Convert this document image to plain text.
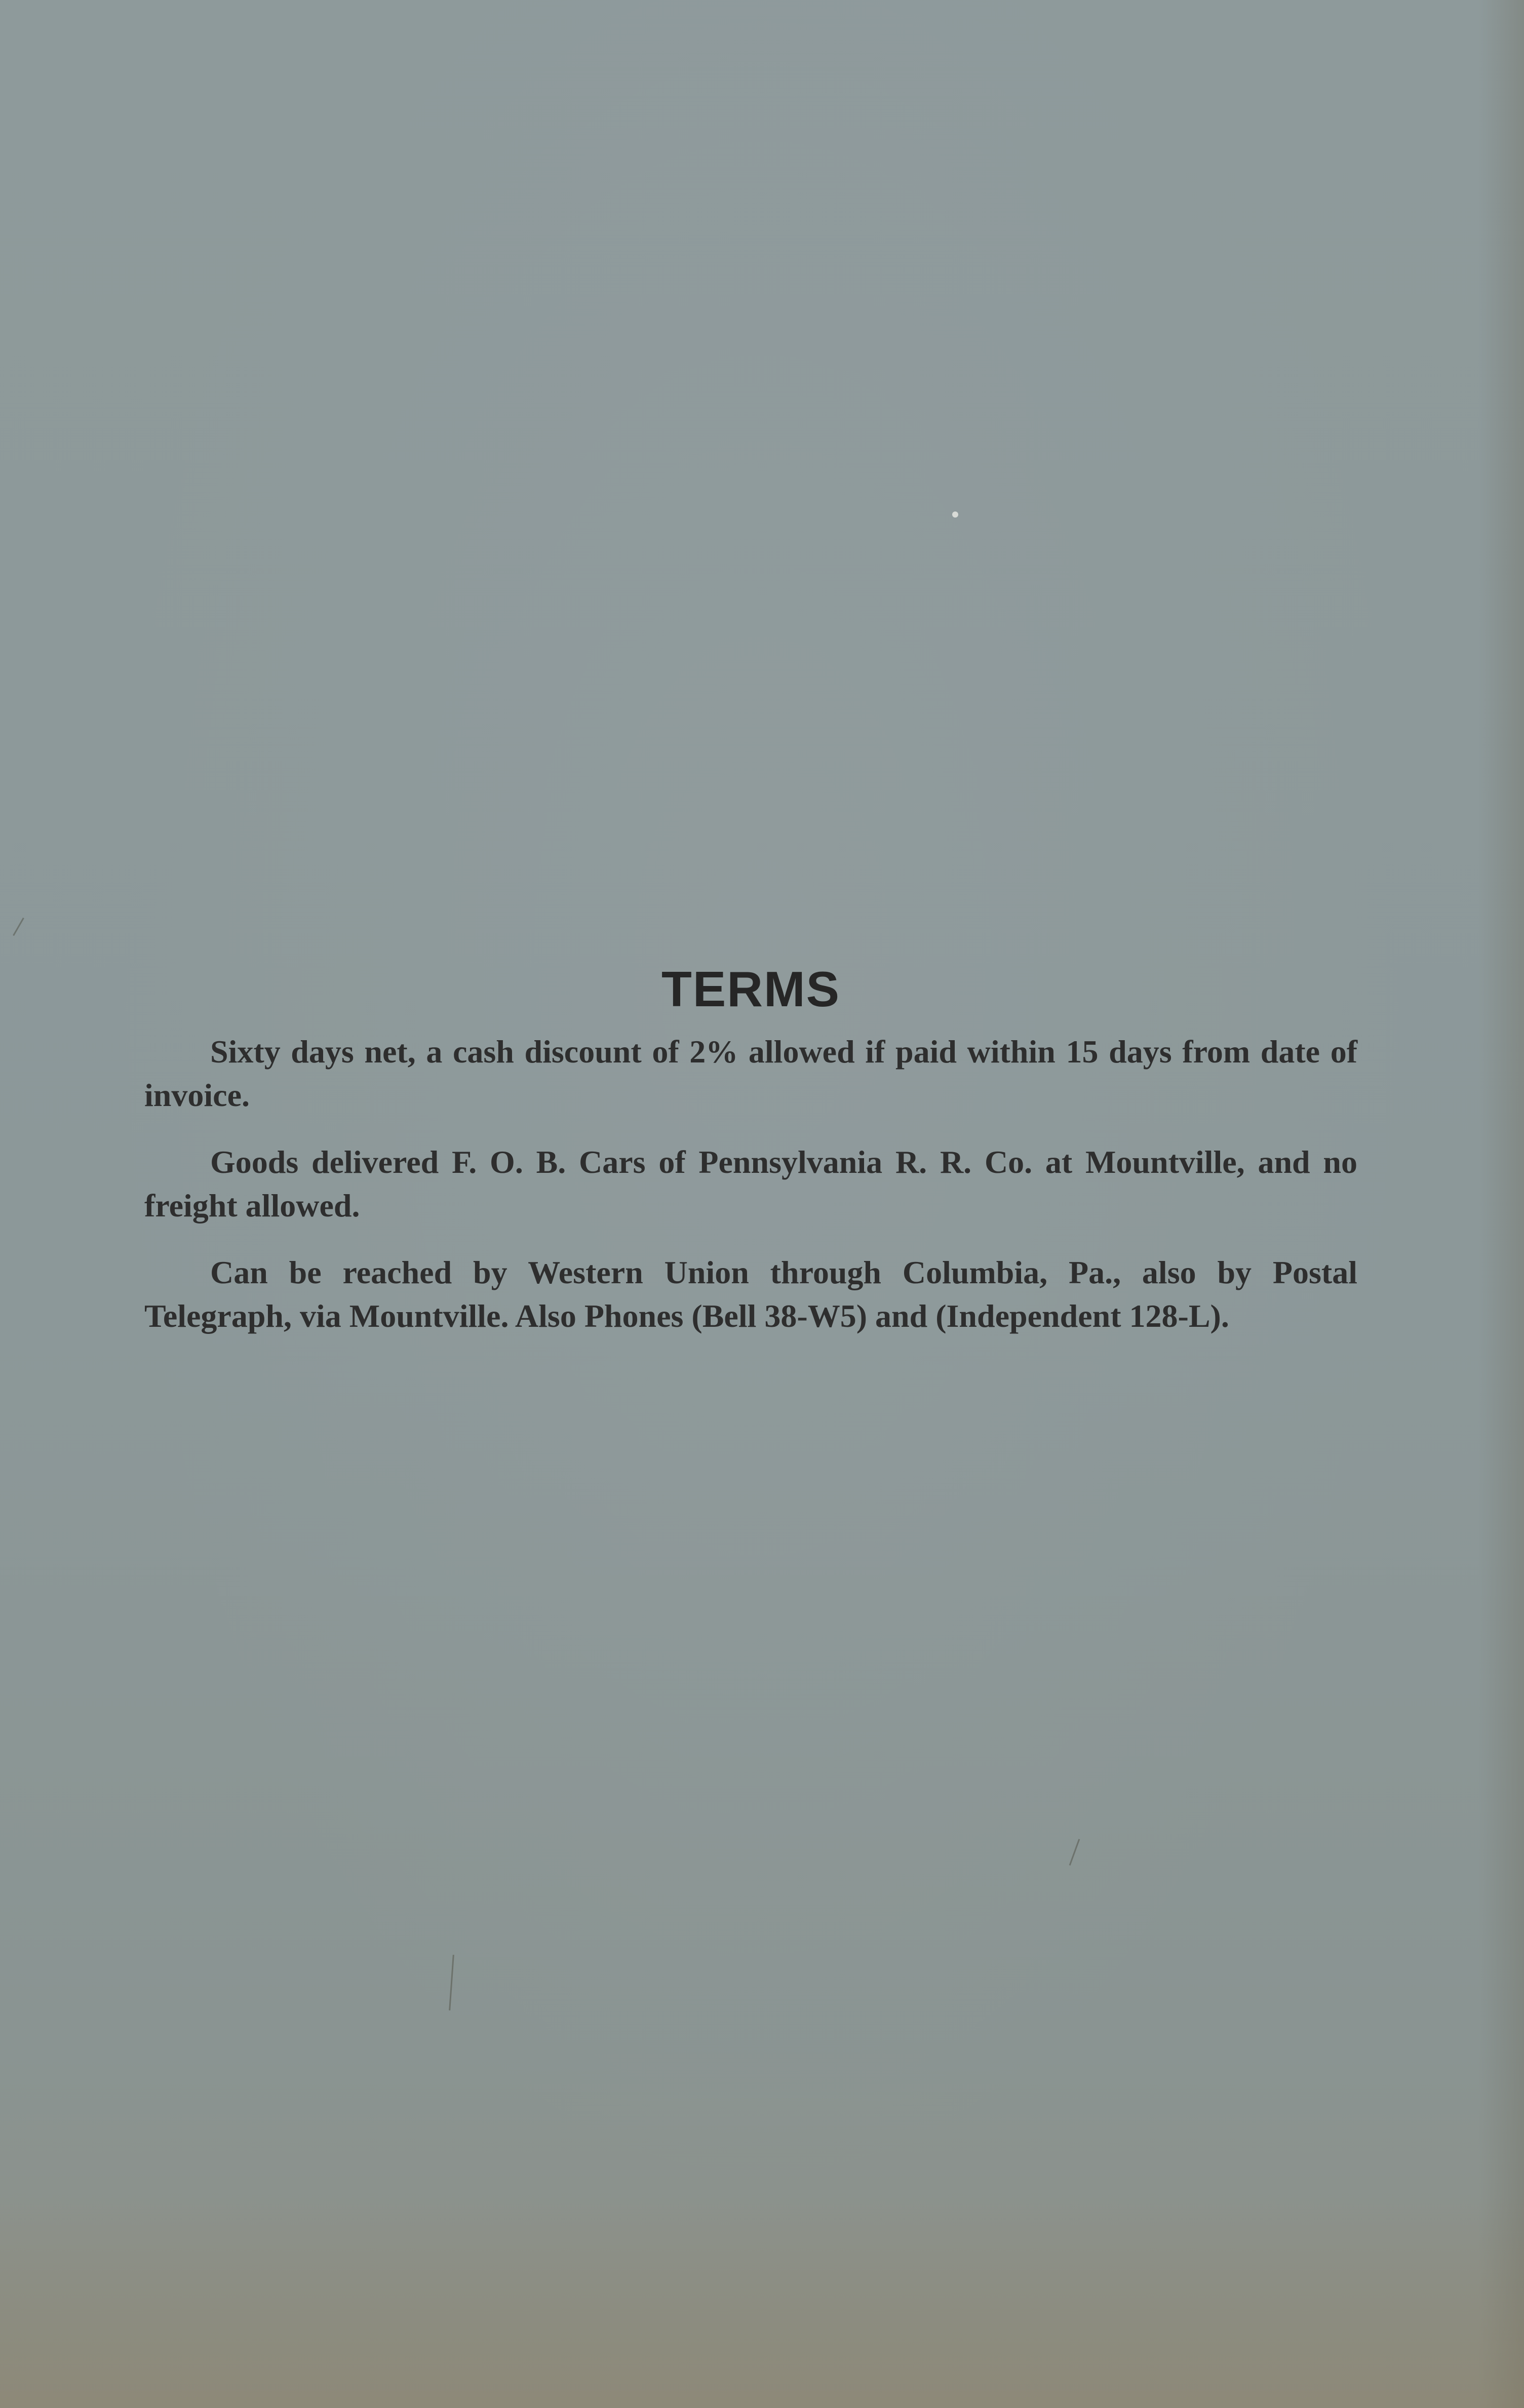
TERMS

Sixty days net, a cash discount of 2% allowed if paid within 15 days from date of invoice.

Goods delivered F. O. B. Cars of Pennsylvania R. R. Co. at Mountville, and no freight allowed.

Can be reached by Western Union through Columbia, Pa., also by Postal Telegraph, via Mountville. Also Phones (Bell 38-W5) and (Independent 128-L).
